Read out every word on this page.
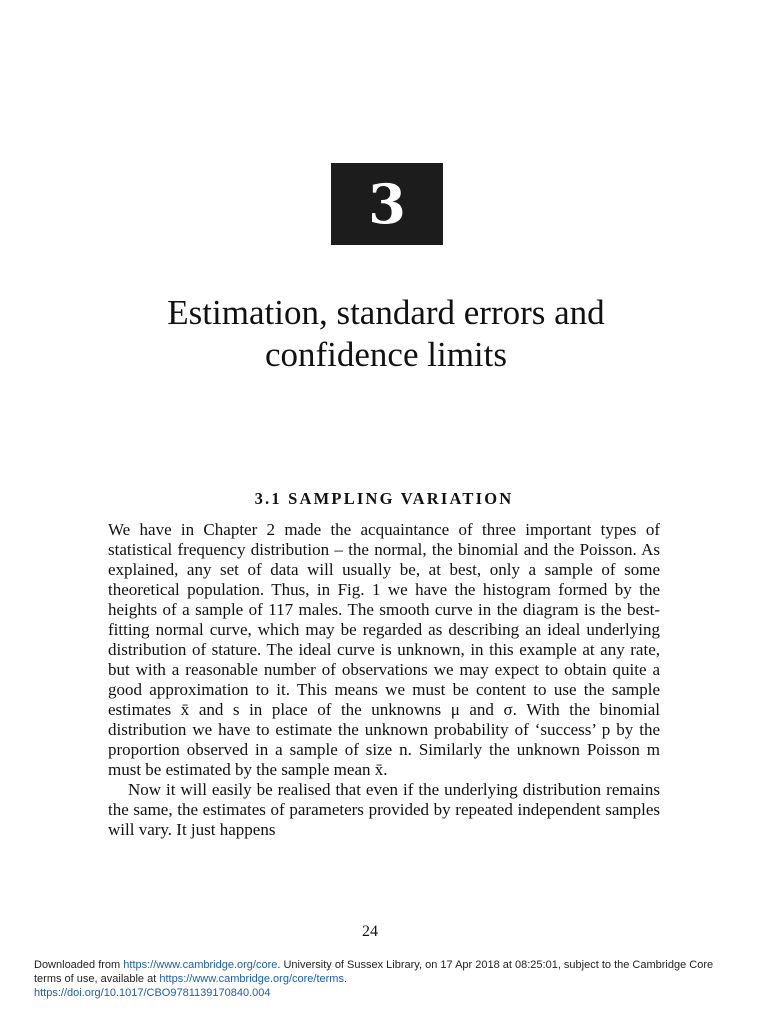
3
Estimation, standard errors and
confidence limits
3.1 SAMPLING VARIATION

We have in Chapter 2 made the acquaintance of three important types of statistical frequency distribution – the normal, the binomial and the Poisson. As explained, any set of data will usually be, at best, only a sample of some theoretical population. Thus, in Fig. 1 we have the histogram formed by the heights of a sample of 117 males. The smooth curve in the diagram is the best-fitting normal curve, which may be regarded as describing an ideal underlying distribution of stature. The ideal curve is unknown, in this example at any rate, but with a reasonable number of observations we may expect to obtain quite a good approximation to it. This means we must be content to use the sample estimates x̄ and s in place of the unknowns μ and σ. With the binomial distribution we have to estimate the unknown probability of ‘success’ p by the proportion observed in a sample of size n. Similarly the unknown Poisson m must be estimated by the sample mean x̄.

Now it will easily be realised that even if the underlying distribution remains the same, the estimates of parameters provided by repeated independent samples will vary. It just happens

24
Downloaded from https://www.cambridge.org/core. University of Sussex Library, on 17 Apr 2018 at 08:25:01, subject to the Cambridge Core terms of use, available at https://www.cambridge.org/core/terms.
https://doi.org/10.1017/CBO9781139170840.004
